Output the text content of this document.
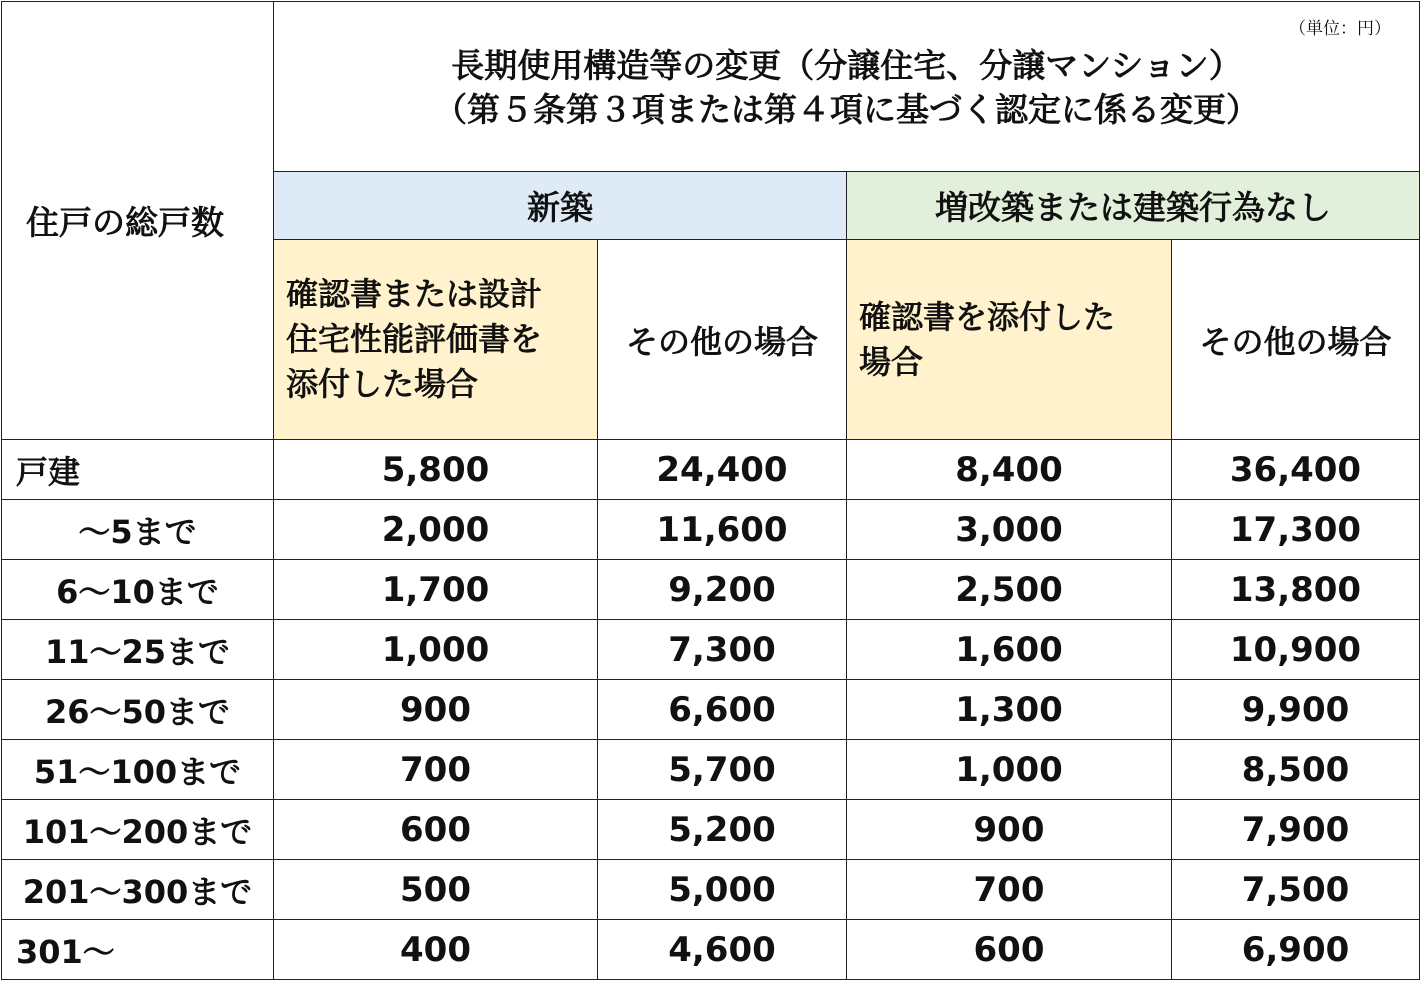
住戸の総戸数	（単位：円）
長期使用構造等の変更（分譲住宅、分譲マンション）
（第５条第３項または第４項に基づく認定に係る変更）			

	新築		増改築または建築行為なし	

	確認書または設計
住宅性能評価書を
添付した場合	その他の場合	確認書を添付した
場合	その他の場合
戸建	5,800	24,400	8,400	36,400
～5まで	2,000	11,600	3,000	17,300
6～10まで	1,700	9,200	2,500	13,800
11～25まで	1,000	7,300	1,600	10,900
26～50まで	900	6,600	1,300	9,900
51～100まで	700	5,700	1,000	8,500
101～200まで	600	5,200	900	7,900
201～300まで	500	5,000	700	7,500
301～	400	4,600	600	6,900
